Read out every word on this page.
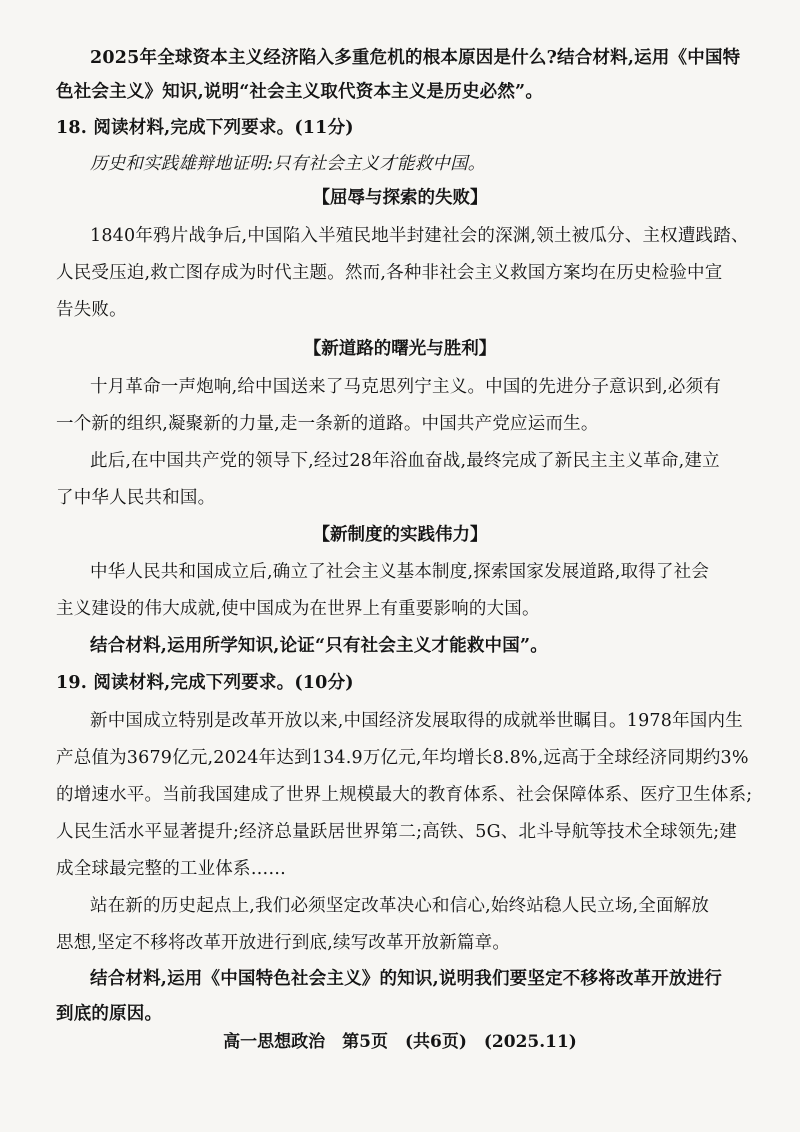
2025年全球资本主义经济陷入多重危机的根本原因是什么?结合材料,运用《中国特
色社会主义》知识,说明“社会主义取代资本主义是历史必然”。
18. 阅读材料,完成下列要求。(11分)
历史和实践雄辩地证明:只有社会主义才能救中国。
【屈辱与探索的失败】
1840年鸦片战争后,中国陷入半殖民地半封建社会的深渊,领土被瓜分、主权遭践踏、
人民受压迫,救亡图存成为时代主题。然而,各种非社会主义救国方案均在历史检验中宣
告失败。
【新道路的曙光与胜利】
十月革命一声炮响,给中国送来了马克思列宁主义。中国的先进分子意识到,必须有
一个新的组织,凝聚新的力量,走一条新的道路。中国共产党应运而生。
此后,在中国共产党的领导下,经过28年浴血奋战,最终完成了新民主主义革命,建立
了中华人民共和国。
【新制度的实践伟力】
中华人民共和国成立后,确立了社会主义基本制度,探索国家发展道路,取得了社会
主义建设的伟大成就,使中国成为在世界上有重要影响的大国。
结合材料,运用所学知识,论证“只有社会主义才能救中国”。
19. 阅读材料,完成下列要求。(10分)
新中国成立特别是改革开放以来,中国经济发展取得的成就举世瞩目。1978年国内生
产总值为3679亿元,2024年达到134.9万亿元,年均增长8.8%,远高于全球经济同期约3%
的增速水平。当前我国建成了世界上规模最大的教育体系、社会保障体系、医疗卫生体系;
人民生活水平显著提升;经济总量跃居世界第二;高铁、5G、北斗导航等技术全球领先;建
成全球最完整的工业体系……
站在新的历史起点上,我们必须坚定改革决心和信心,始终站稳人民立场,全面解放
思想,坚定不移将改革开放进行到底,续写改革开放新篇章。
结合材料,运用《中国特色社会主义》的知识,说明我们要坚定不移将改革开放进行
到底的原因。
高一思想政治　第5页　(共6页)　(2025.11)
